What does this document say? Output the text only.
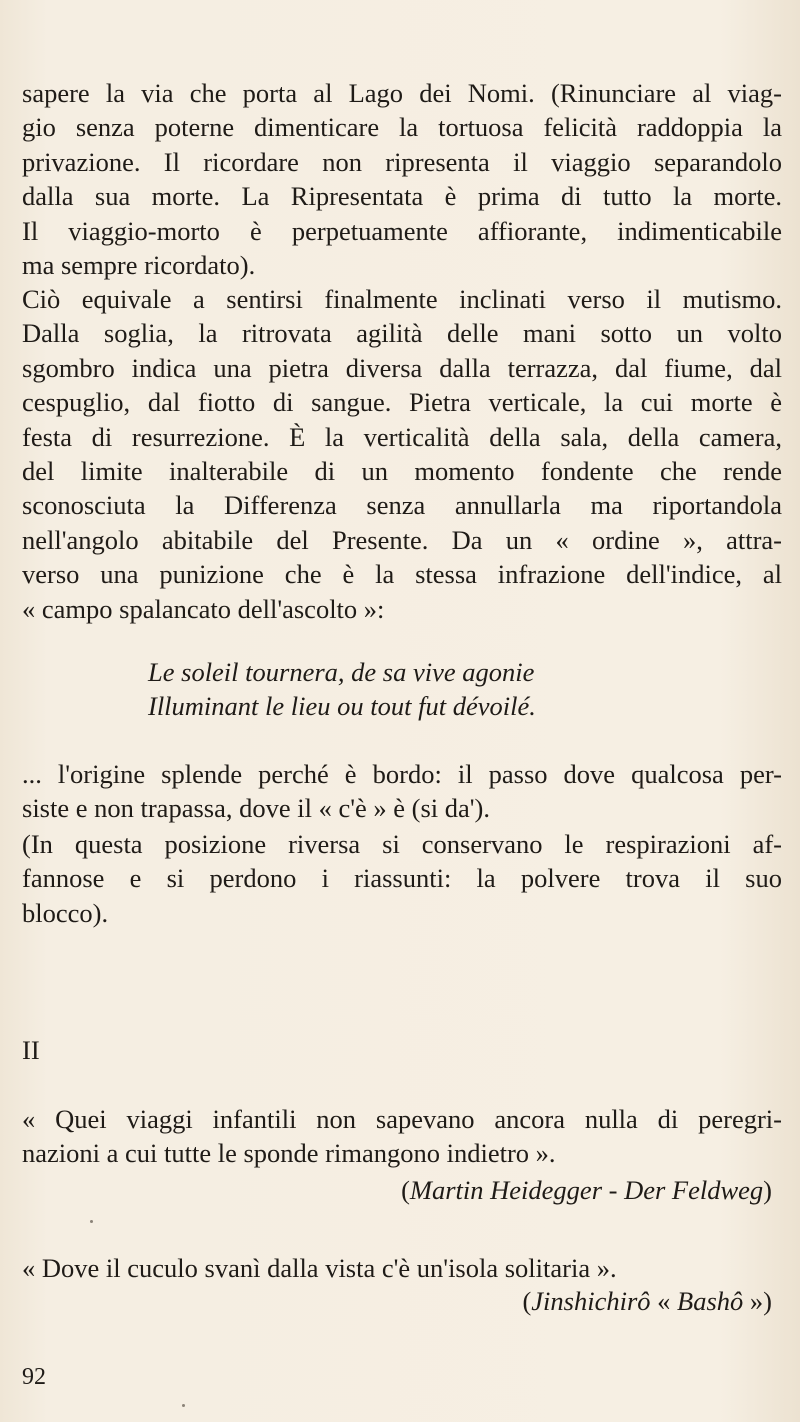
sapere la via che porta al Lago dei Nomi. (Rinunciare al viag-
gio senza poterne dimenticare la tortuosa felicità raddoppia la
privazione. Il ricordare non ripresenta il viaggio separandolo
dalla sua morte. La Ripresentata è prima di tutto la morte.
Il viaggio-morto è perpetuamente affiorante, indimenticabile
ma sempre ricordato).
Ciò equivale a sentirsi finalmente inclinati verso il mutismo.
Dalla soglia, la ritrovata agilità delle mani sotto un volto
sgombro indica una pietra diversa dalla terrazza, dal fiume, dal
cespuglio, dal fiotto di sangue. Pietra verticale, la cui morte è
festa di resurrezione. È la verticalità della sala, della camera,
del limite inalterabile di un momento fondente che rende
sconosciuta la Differenza senza annullarla ma riportandola
nell'angolo abitabile del Presente. Da un « ordine », attra-
verso una punizione che è la stessa infrazione dell'indice, al
« campo spalancato dell'ascolto »:
Le soleil tournera, de sa vive agonie
Illuminant le lieu ou tout fut dévoilé.
... l'origine splende perché è bordo: il passo dove qualcosa per-
siste e non trapassa, dove il « c'è » è (si da').
(In questa posizione riversa si conservano le respirazioni af-
fannose e si perdono i riassunti: la polvere trova il suo
blocco).
II
« Quei viaggi infantili non sapevano ancora nulla di peregri-
nazioni a cui tutte le sponde rimangono indietro ».
(Martin Heidegger - Der Feldweg)
« Dove il cuculo svanì dalla vista c'è un'isola solitaria ».
(Jinshichirô « Bashô »)
92
